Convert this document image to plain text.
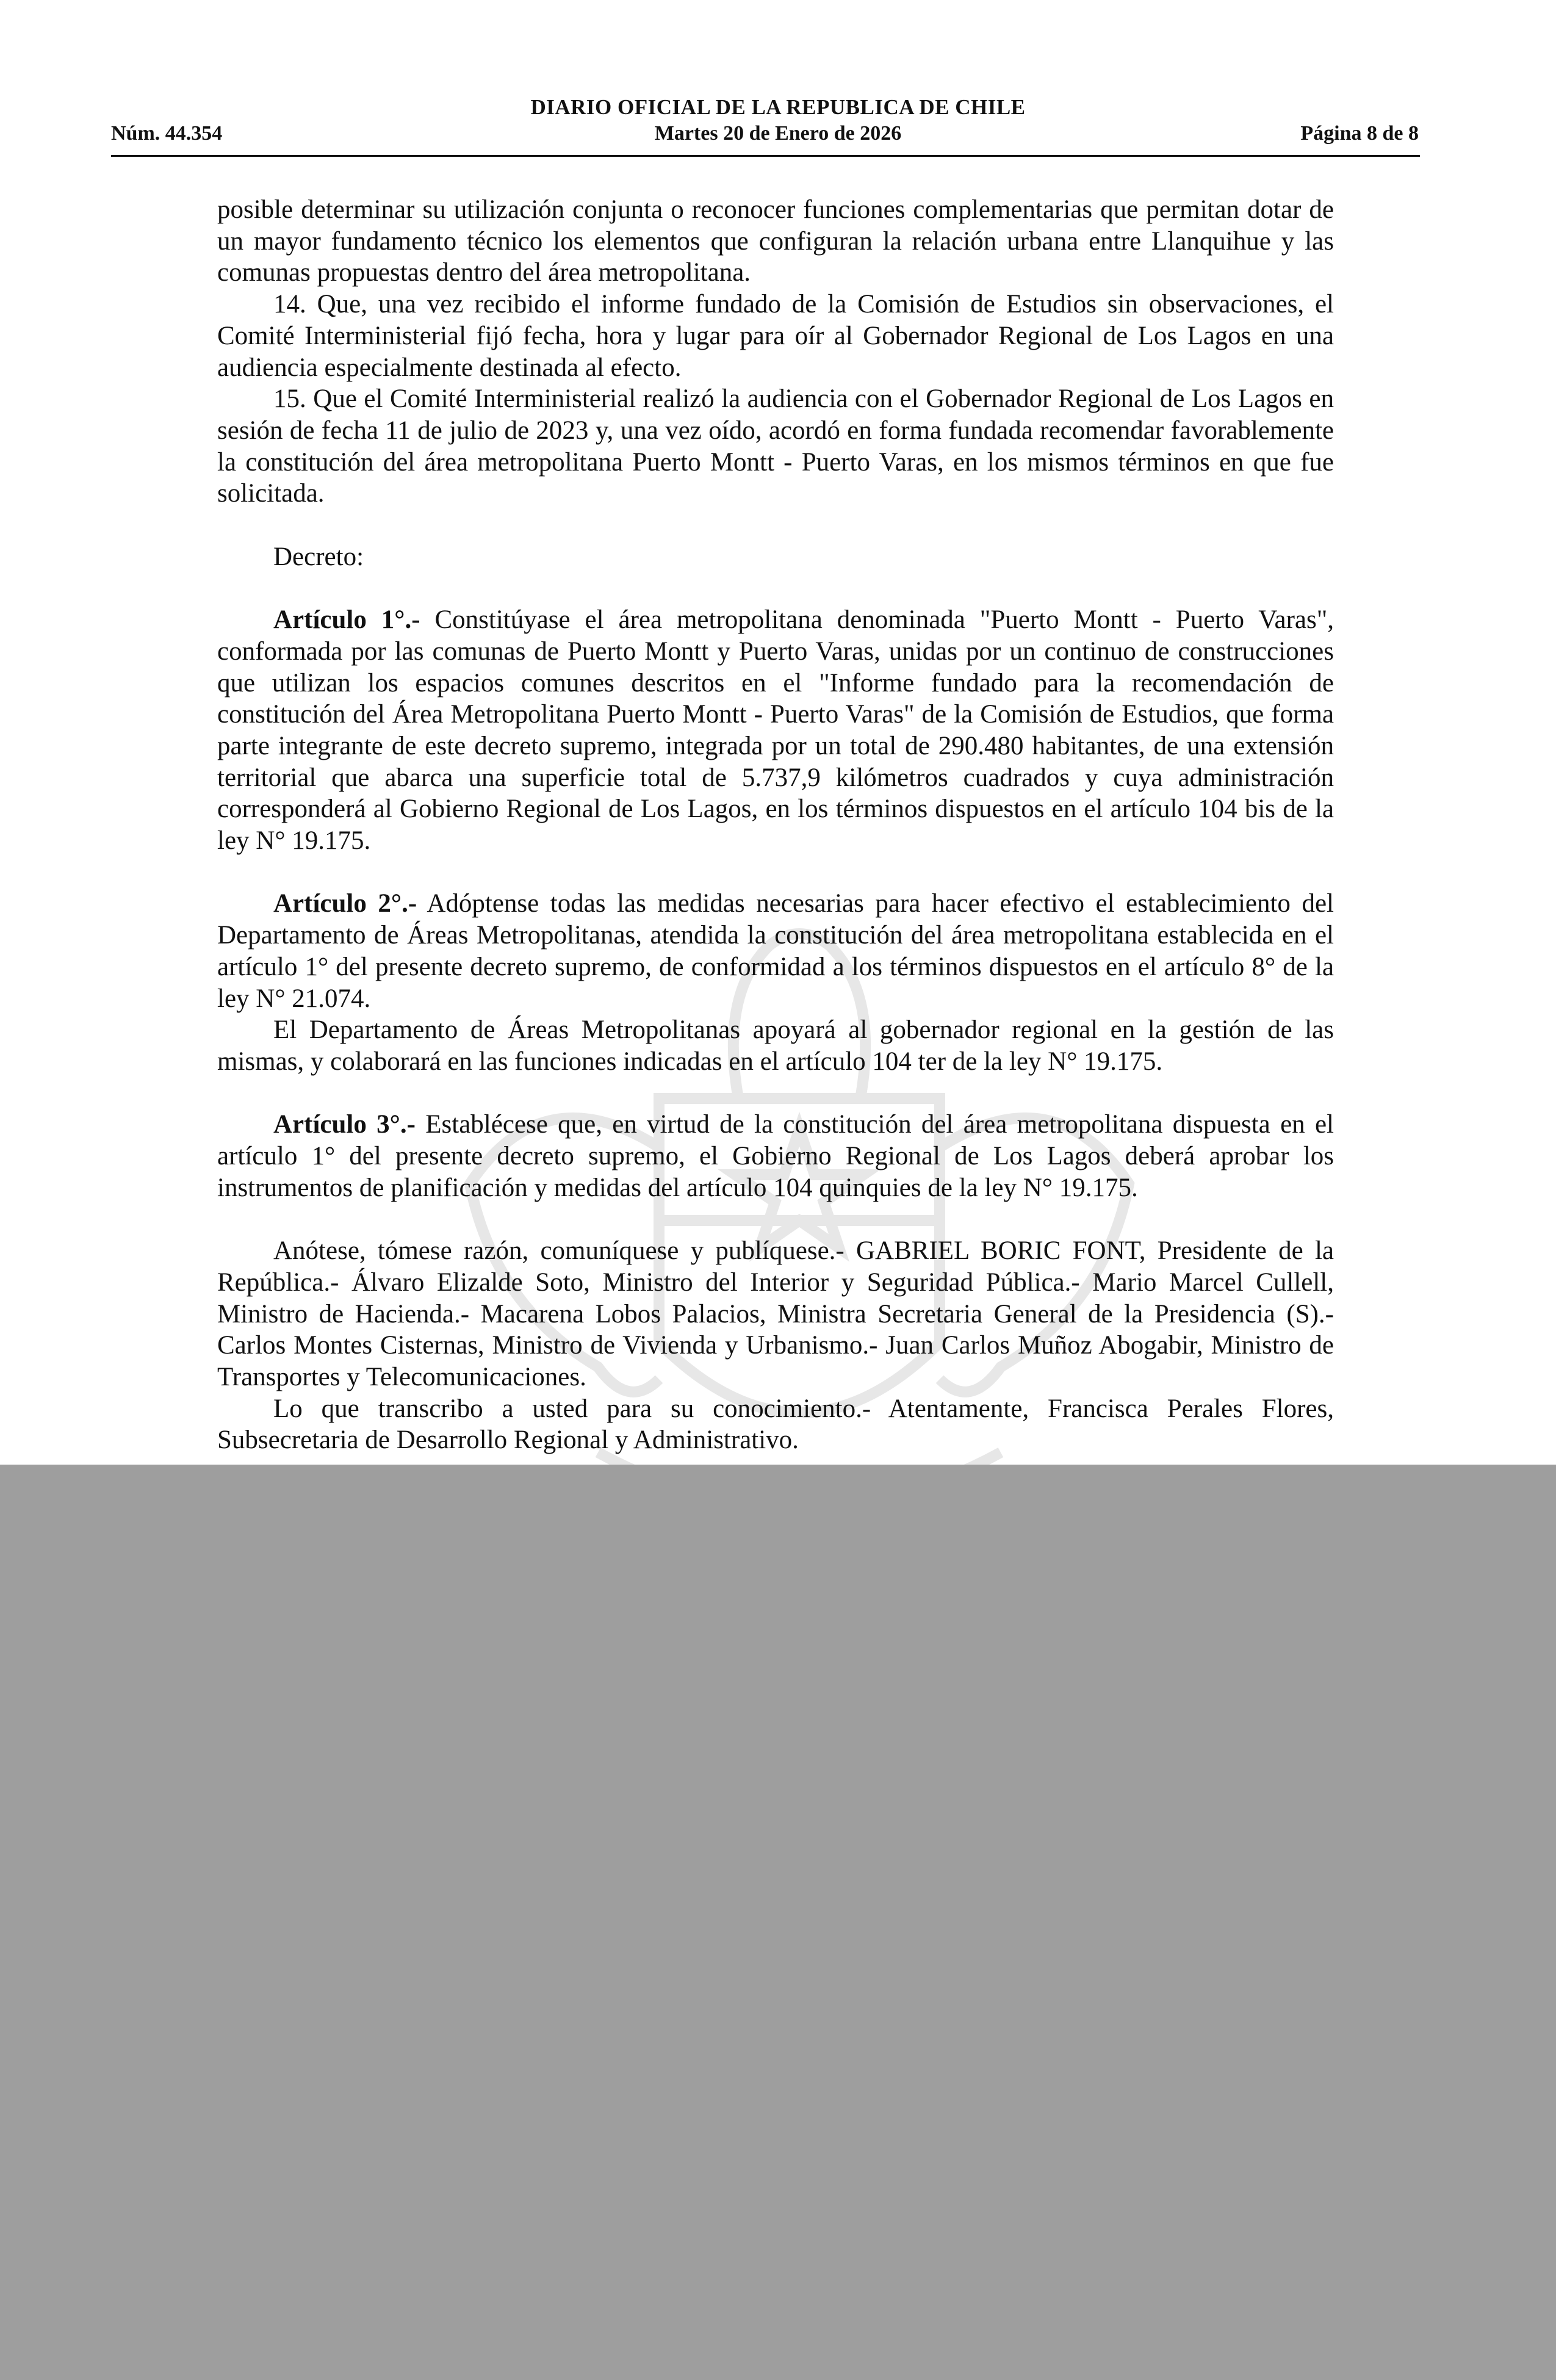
DIARIO OFICIAL DE LA REPUBLICA DE CHILE
Núm. 44.354	Martes 20 de Enero de 2026	Página 8 de 8

posible determinar su utilización conjunta o reconocer funciones complementarias que permitan dotar de un mayor fundamento técnico los elementos que configuran la relación urbana entre Llanquihue y las comunas propuestas dentro del área metropolitana.

14. Que, una vez recibido el informe fundado de la Comisión de Estudios sin observaciones, el Comité Interministerial fijó fecha, hora y lugar para oír al Gobernador Regional de Los Lagos en una audiencia especialmente destinada al efecto.

15. Que el Comité Interministerial realizó la audiencia con el Gobernador Regional de Los Lagos en sesión de fecha 11 de julio de 2023 y, una vez oído, acordó en forma fundada recomendar favorablemente la constitución del área metropolitana Puerto Montt - Puerto Varas, en los mismos términos en que fue solicitada.

Decreto:

Artículo 1°.- Constitúyase el área metropolitana denominada "Puerto Montt - Puerto Varas", conformada por las comunas de Puerto Montt y Puerto Varas, unidas por un continuo de construcciones que utilizan los espacios comunes descritos en el "Informe fundado para la recomendación de constitución del Área Metropolitana Puerto Montt - Puerto Varas" de la Comisión de Estudios, que forma parte integrante de este decreto supremo, integrada por un total de 290.480 habitantes, de una extensión territorial que abarca una superficie total de 5.737,9 kilómetros cuadrados y cuya administración corresponderá al Gobierno Regional de Los Lagos, en los términos dispuestos en el artículo 104 bis de la ley N° 19.175.

Artículo 2°.- Adóptense todas las medidas necesarias para hacer efectivo el establecimiento del Departamento de Áreas Metropolitanas, atendida la constitución del área metropolitana establecida en el artículo 1° del presente decreto supremo, de conformidad a los términos dispuestos en el artículo 8° de la ley N° 21.074.

El Departamento de Áreas Metropolitanas apoyará al gobernador regional en la gestión de las mismas, y colaborará en las funciones indicadas en el artículo 104 ter de la ley N° 19.175.

Artículo 3°.- Establécese que, en virtud de la constitución del área metropolitana dispuesta en el artículo 1° del presente decreto supremo, el Gobierno Regional de Los Lagos deberá aprobar los instrumentos de planificación y medidas del artículo 104 quinquies de la ley N° 19.175.

Anótese, tómese razón, comuníquese y publíquese.- GABRIEL BORIC FONT, Presidente de la República.- Álvaro Elizalde Soto, Ministro del Interior y Seguridad Pública.- Mario Marcel Cullell, Ministro de Hacienda.- Macarena Lobos Palacios, Ministra Secretaria General de la Presidencia (S).- Carlos Montes Cisternas, Ministro de Vivienda y Urbanismo.- Juan Carlos Muñoz Abogabir, Ministro de Transportes y Telecomunicaciones.

Lo que transcribo a usted para su conocimiento.- Atentamente, Francisca Perales Flores, Subsecretaria de Desarrollo Regional y Administrativo.
